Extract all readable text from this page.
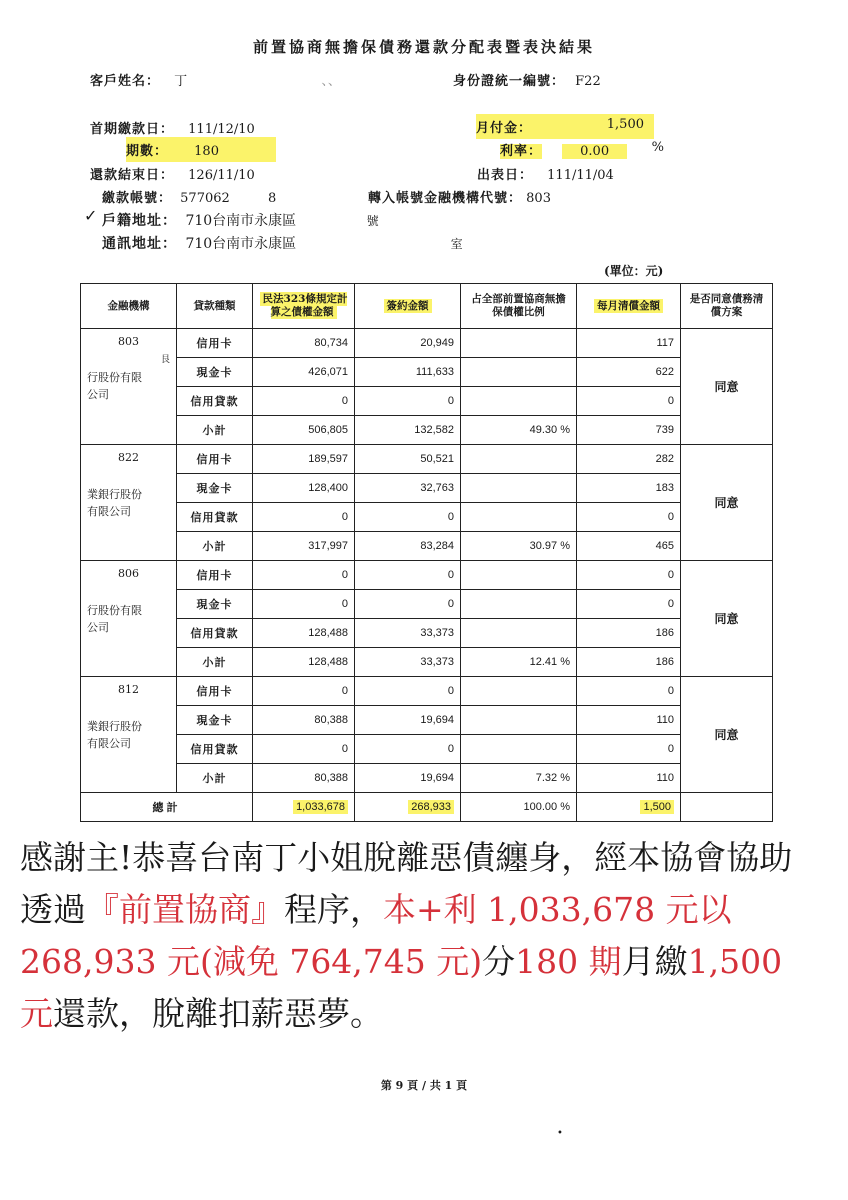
前置協商無擔保債務還款分配表暨表決結果
客戶姓名： 丁	、、	身份證統一編號： F22
首期繳款日： 111/12/10	月付金：	1,500
期數： 180	利率：	0.00	%
還款結束日： 126/11/10	出表日： 111/11/04
繳款帳號： 577062	8	轉入帳號金融機構代號： 803
✓ 戶籍地址： 710台南市永康區	號
通訊地址： 710台南市永康區	室
(單位：元)
金融機構	貸款種類	民法323條規定計算之債權金額	簽約金額	占全部前置協商無擔保債權比例	每月清償金額	是否同意債務清償方案

803
艮
行股份有限
公司	信用卡	80,734	20,949		117	同意
	現金卡	426,071	111,633		622	
	信用貸款	0	0		0	
	小計	506,805	132,582	49.30 %	739	

822
業銀行股份
有限公司	信用卡	189,597	50,521		282	同意
	現金卡	128,400	32,763		183	
	信用貸款	0	0		0	
	小計	317,997	83,284	30.97 %	465	

806
行股份有限
公司	信用卡	0	0		0	同意
	現金卡	0	0		0	
	信用貸款	128,488	33,373		186	
	小計	128,488	33,373	12.41 %	186	

812
業銀行股份
有限公司	信用卡	0	0		0	同意
	現金卡	80,388	19,694		110	
	信用貸款	0	0		0	
	小計	80,388	19,694	7.32 %	110	
總計		1,033,678	268,933	100.00 %	1,500	

感謝主!恭喜台南丁小姐脫離惡債纏身，經本協會協助透過『前置協商』程序，本+利 1,033,678 元以 268,933 元(減免 764,745 元)分180 期月繳1,500 元還款，脫離扣薪惡夢。

第 9 頁 / 共 1 頁
•
